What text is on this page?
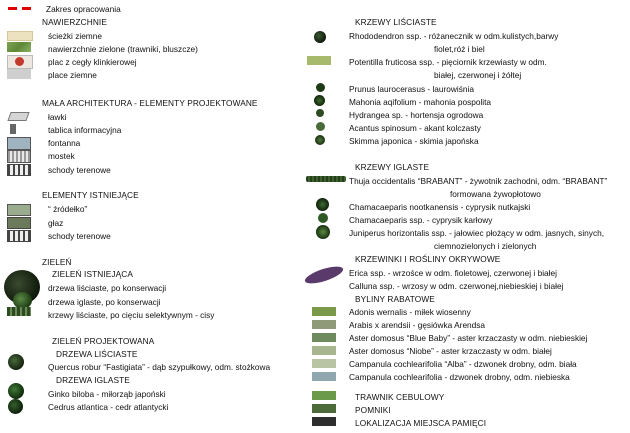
Zakres opracowania
NAWIERZCHNIE
ścieżki ziemne
nawierzchnie zielone (trawniki, bluszcze)
plac z cegły klinkierowej
place ziemne
MAŁA ARCHITEKTURA - ELEMENTY PROJEKTOWANE
ławki
tablica informacyjna
fontanna
mostek
schody terenowe
ELEMENTY ISTNIEJĄCE
“ źródełko”
głaz
schody terenowe
ZIELEŃ
ZIELEŃ ISTNIEJĄCA
drzewa liściaste, po konserwacji
drzewa iglaste, po konserwacji
krzewy liściaste, po cięciu selektywnym - cisy
ZIELEŃ PROJEKTOWANA
DRZEWA LIŚCIASTE
Quercus robur “Fastigiata” - dąb szypułkowy, odm. stożkowa
DRZEWA IGLASTE
Ginko biloba - miłorząb japoński
Cedrus atlantica - cedr atlantycki
KRZEWY LIŚCIASTE
Rhododendron ssp. - różanecznik w odm.kulistych,barwy
fiolet,róż i biel
Potentilla fruticosa ssp. - pięciornik krzewiasty w odm.
białej, czerwonej i żółtej
Prunus laurocerasus - laurowiśnia
Mahonia aqifolium - mahonia pospolita
Hydrangea sp. - hortensja ogrodowa
Acantus spinosum - akant kolczasty
Skimma japonica - skimia japońska
KRZEWY IGLASTE
Thuja occidentalis “BRABANT” - żywotnik zachodni, odm. “BRABANT”
formowana żywopłotowo
Chamacaeparis nootkanensis - cyprysik nutkajski
Chamacaeparis ssp. - cyprysik karłowy
Juniperus horizontalis ssp. - jałowiec płożący w odm. jasnych, sinych,
ciemnozielonych i zielonych
KRZEWINKI I ROŚLINY OKRYWOWE
Erica ssp. - wrzośce w odm. fioletowej, czerwonej i białej
Calluna ssp. - wrzosy w odm. czerwonej,niebieskiej i białej
BYLINY RABATOWE
Adonis wernalis - miłek wiosenny
Arabis x arendsii - gęsiówka Arendsa
Aster domosus “Blue Baby” - aster krzaczasty w odm. niebieskiej
Aster domosus “Niobe” - aster krzaczasty w odm. białej
Campanula cochlearifolia “Alba” - dzwonek drobny, odm. biała
Campanula cochlearifolia - dzwonek drobny, odm. niebieska
TRAWNIK CEBULOWY
POMNIKI
LOKALIZACJA MIEJSCA PAMIĘCI
